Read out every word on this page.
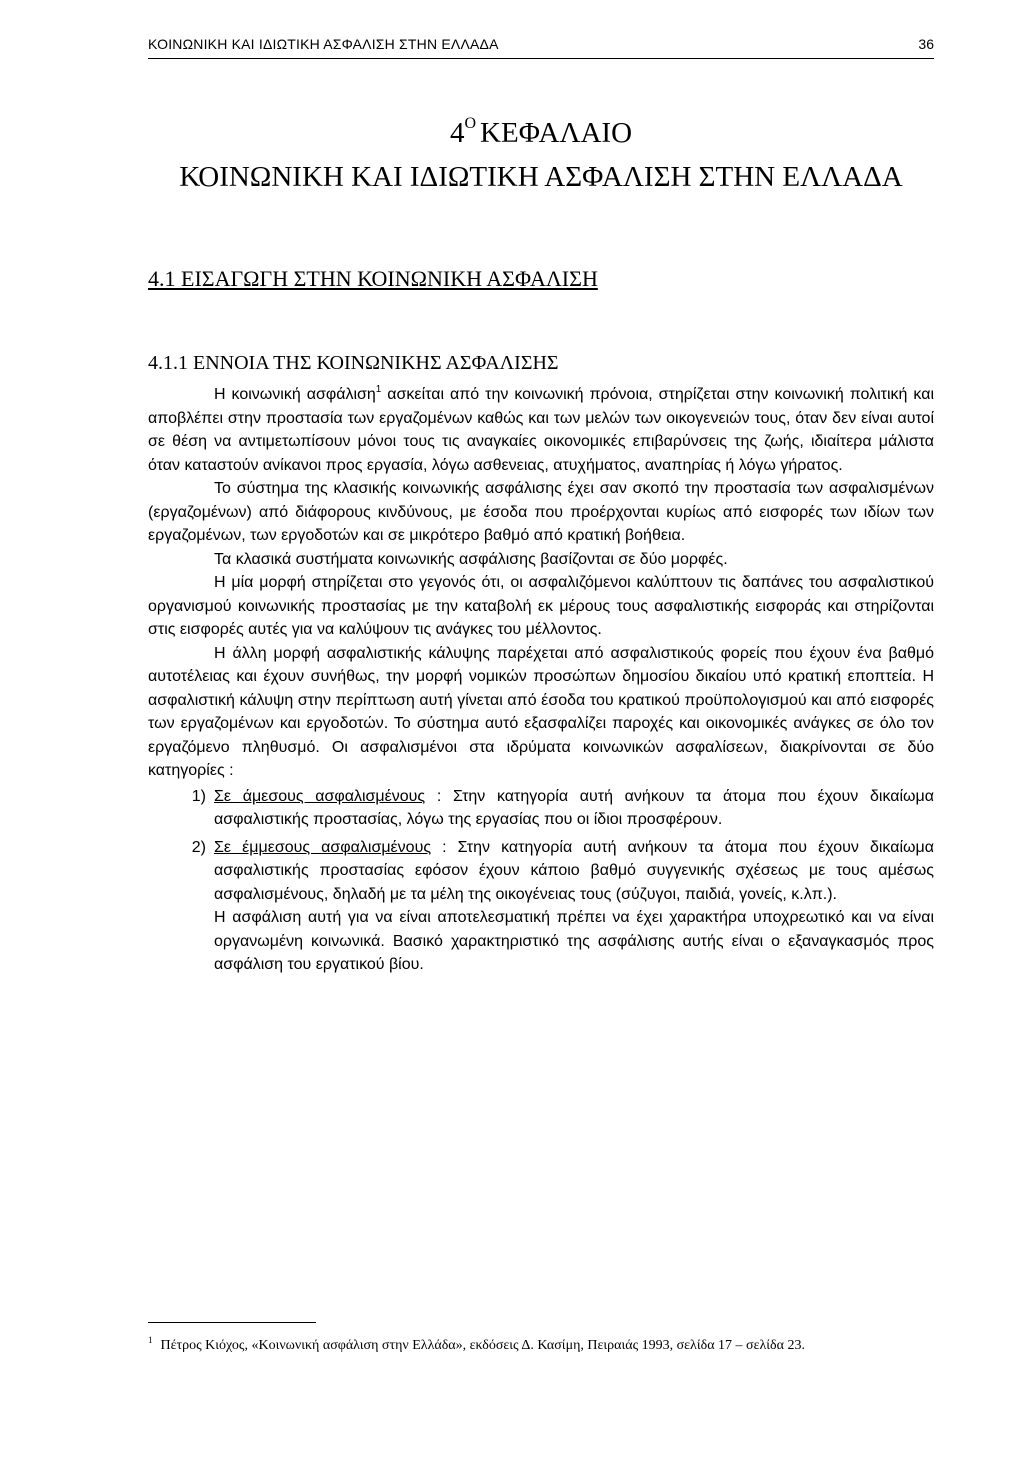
ΚΟΙΝΩΝΙΚΗ ΚΑΙ ΙΔΙΩΤΙΚΗ ΑΣΦΑΛΙΣΗ ΣΤΗΝ ΕΛΛΑΔΑ	36
$4^O$ ΚΕΦΑΛΑΙΟ
ΚΟΙΝΩΝΙΚΗ ΚΑΙ ΙΔΙΩΤΙΚΗ ΑΣΦΑΛΙΣΗ ΣΤΗΝ ΕΛΛΑΔΑ
4.1 ΕΙΣΑΓΩΓΗ ΣΤΗΝ ΚΟΙΝΩΝΙΚΗ ΑΣΦΑΛΙΣΗ
4.1.1 ΕΝΝΟΙΑ ΤΗΣ ΚΟΙΝΩΝΙΚΗΣ ΑΣΦΑΛΙΣΗΣ

Η κοινωνική ασφάλιση$^1$ ασκείται από την κοινωνική πρόνοια, στηρίζεται στην κοινωνική πολιτική και αποβλέπει στην προστασία των εργαζομένων καθώς και των μελών των οικογενειών τους, όταν δεν είναι αυτοί σε θέση να αντιμετωπίσουν μόνοι τους τις αναγκαίες οικονομικές επιβαρύνσεις της ζωής, ιδιαίτερα μάλιστα όταν καταστούν ανίκανοι προς εργασία, λόγω ασθενειας, ατυχήματος, αναπηρίας ή λόγω γήρατος.

Το σύστημα της κλασικής κοινωνικής ασφάλισης έχει σαν σκοπό την προστασία των ασφαλισμένων (εργαζομένων) από διάφορους κινδύνους, με έσοδα που προέρχονται κυρίως από εισφορές των ιδίων των εργαζομένων, των εργοδοτών και σε μικρότερο βαθμό από κρατική βοήθεια.

Τα κλασικά συστήματα κοινωνικής ασφάλισης βασίζονται σε δύο μορφές.

Η μία μορφή στηρίζεται στο γεγονός ότι, οι ασφαλιζόμενοι καλύπτουν τις δαπάνες του ασφαλιστικού οργανισμού κοινωνικής προστασίας με την καταβολή εκ μέρους τους ασφαλιστικής εισφοράς και στηρίζονται στις εισφορές αυτές για να καλύψουν τις ανάγκες του μέλλοντος.

Η άλλη μορφή ασφαλιστικής κάλυψης παρέχεται από ασφαλιστικούς φορείς που έχουν ένα βαθμό αυτοτέλειας και έχουν συνήθως, την μορφή νομικών προσώπων δημοσίου δικαίου υπό κρατική εποπτεία. Η ασφαλιστική κάλυψη στην περίπτωση αυτή γίνεται από έσοδα του κρατικού προϋπολογισμού και από εισφορές των εργαζομένων και εργοδοτών. Το σύστημα αυτό εξασφαλίζει παροχές και οικονομικές ανάγκες σε όλο τον εργαζόμενο πληθυσμό. Οι ασφαλισμένοι στα ιδρύματα κοινωνικών ασφαλίσεων, διακρίνονται σε δύο κατηγορίες :

1) Σε άμεσους ασφαλισμένους : Στην κατηγορία αυτή ανήκουν τα άτομα που έχουν δικαίωμα ασφαλιστικής προστασίας, λόγω της εργασίας που οι ίδιοι προσφέρουν.
2) Σε έμμεσους ασφαλισμένους : Στην κατηγορία αυτή ανήκουν τα άτομα που έχουν δικαίωμα ασφαλιστικής προστασίας εφόσον έχουν κάποιο βαθμό συγγενικής σχέσεως με τους αμέσως ασφαλισμένους, δηλαδή με τα μέλη της οικογένειας τους (σύζυγοι, παιδιά, γονείς, κ.λπ.).

Η ασφάλιση αυτή για να είναι αποτελεσματική πρέπει να έχει χαρακτήρα υποχρεωτικό και να είναι οργανωμένη κοινωνικά. Βασικό χαρακτηριστικό της ασφάλισης αυτής είναι ο εξαναγκασμός προς ασφάλιση του εργατικού βίου.

$^1$ Πέτρος Κιόχος, «Κοινωνική ασφάλιση στην Ελλάδα», εκδόσεις Δ. Κασίμη, Πειραιάς 1993, σελίδα 17 – σελίδα 23.
